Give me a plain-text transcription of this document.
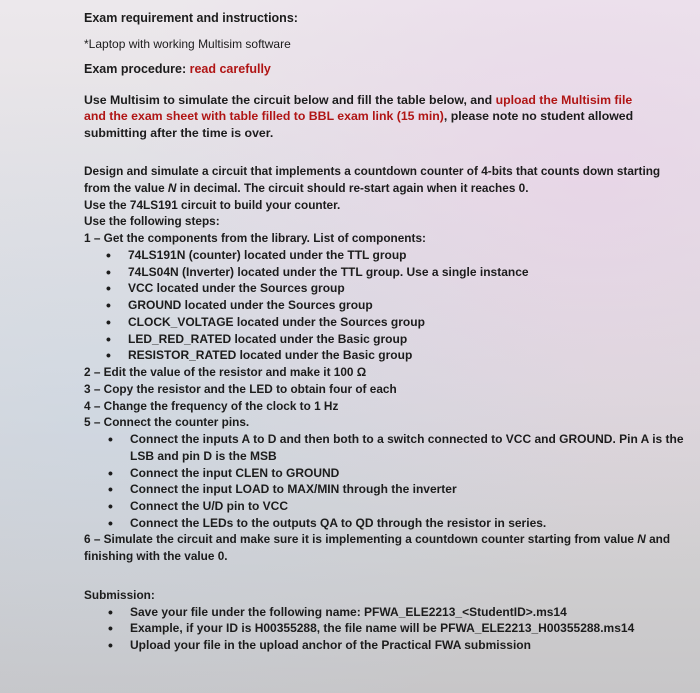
Exam requirement and instructions:
*Laptop with working Multisim software
Exam procedure: read carefully
Use Multisim to simulate the circuit below and fill the table below, and upload the Multisim file
and the exam sheet with table filled to BBL exam link (15 min), please note no student allowed
submitting after the time is over.
Design and simulate a circuit that implements a countdown counter of 4-bits that counts down starting
from the value N in decimal. The circuit should re-start again when it reaches 0.
Use the 74LS191 circuit to build your counter.
Use the following steps:
1 – Get the components from the library. List of components:
• 74LS191N (counter) located under the TTL group
• 74LS04N (Inverter) located under the TTL group. Use a single instance
• VCC located under the Sources group
• GROUND located under the Sources group
• CLOCK_VOLTAGE located under the Sources group
• LED_RED_RATED located under the Basic group
• RESISTOR_RATED located under the Basic group
2 – Edit the value of the resistor and make it 100 Ω
3 – Copy the resistor and the LED to obtain four of each
4 – Change the frequency of the clock to 1 Hz
5 – Connect the counter pins.
• Connect the inputs A to D and then both to a switch connected to VCC and GROUND. Pin A is the
LSB and pin D is the MSB
• Connect the input CLEN to GROUND
• Connect the input LOAD to MAX/MIN through the inverter
• Connect the U/D pin to VCC
• Connect the LEDs to the outputs QA to QD through the resistor in series.
6 – Simulate the circuit and make sure it is implementing a countdown counter starting from value N and
finishing with the value 0.
Submission:
• Save your file under the following name: PFWA_ELE2213_<StudentID>.ms14
• Example, if your ID is H00355288, the file name will be PFWA_ELE2213_H00355288.ms14
• Upload your file in the upload anchor of the Practical FWA submission
